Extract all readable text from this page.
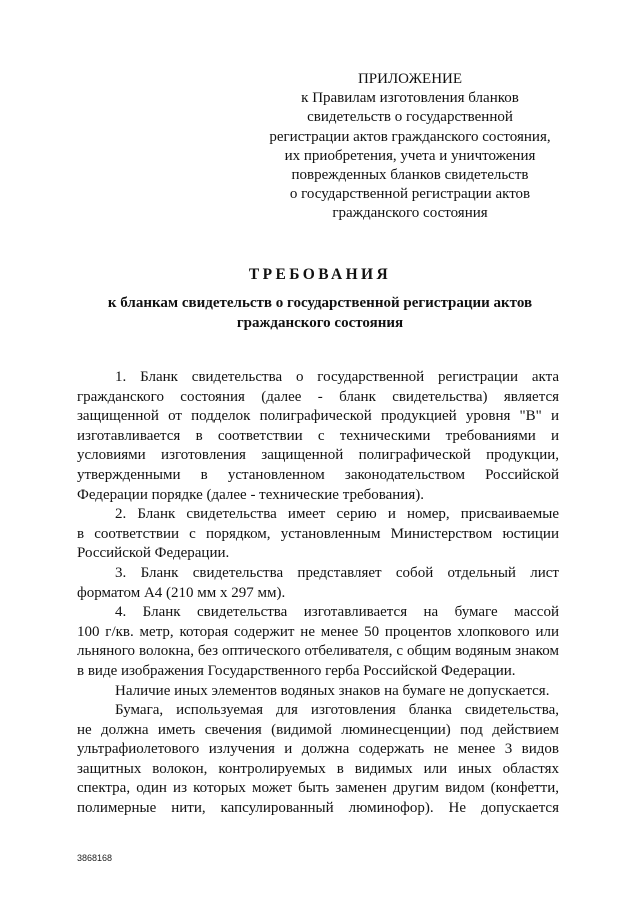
ПРИЛОЖЕНИЕ
к Правилам изготовления бланков
свидетельств о государственной
регистрации актов гражданского состояния,
их приобретения, учета и уничтожения
поврежденных бланков свидетельств
о государственной регистрации актов
гражданского состояния
ТРЕБОВАНИЯ
к бланкам свидетельств о государственной регистрации актов
гражданского состояния
1. Бланк свидетельства о государственной регистрации акта
гражданского состояния (далее - бланк свидетельства) является
защищенной от подделок полиграфической продукцией уровня "В" и
изготавливается в соответствии с техническими требованиями и
условиями изготовления защищенной полиграфической продукции,
утвержденными в установленном законодательством Российской
Федерации порядке (далее - технические требования).
2. Бланк свидетельства имеет серию и номер, присваиваемые
в соответствии с порядком, установленным Министерством юстиции
Российской Федерации.
3. Бланк свидетельства представляет собой отдельный лист
форматом А4 (210 мм x 297 мм).
4. Бланк свидетельства изготавливается на бумаге массой
100 г/кв. метр, которая содержит не менее 50 процентов хлопкового или
льняного волокна, без оптического отбеливателя, с общим водяным знаком
в виде изображения Государственного герба Российской Федерации.
Наличие иных элементов водяных знаков на бумаге не допускается.
Бумага, используемая для изготовления бланка свидетельства,
не должна иметь свечения (видимой люминесценции) под действием
ультрафиолетового излучения и должна содержать не менее 3 видов
защитных волокон, контролируемых в видимых или иных областях
спектра, один из которых может быть заменен другим видом (конфетти,
полимерные нити, капсулированный люминофор). Не допускается
3868168
